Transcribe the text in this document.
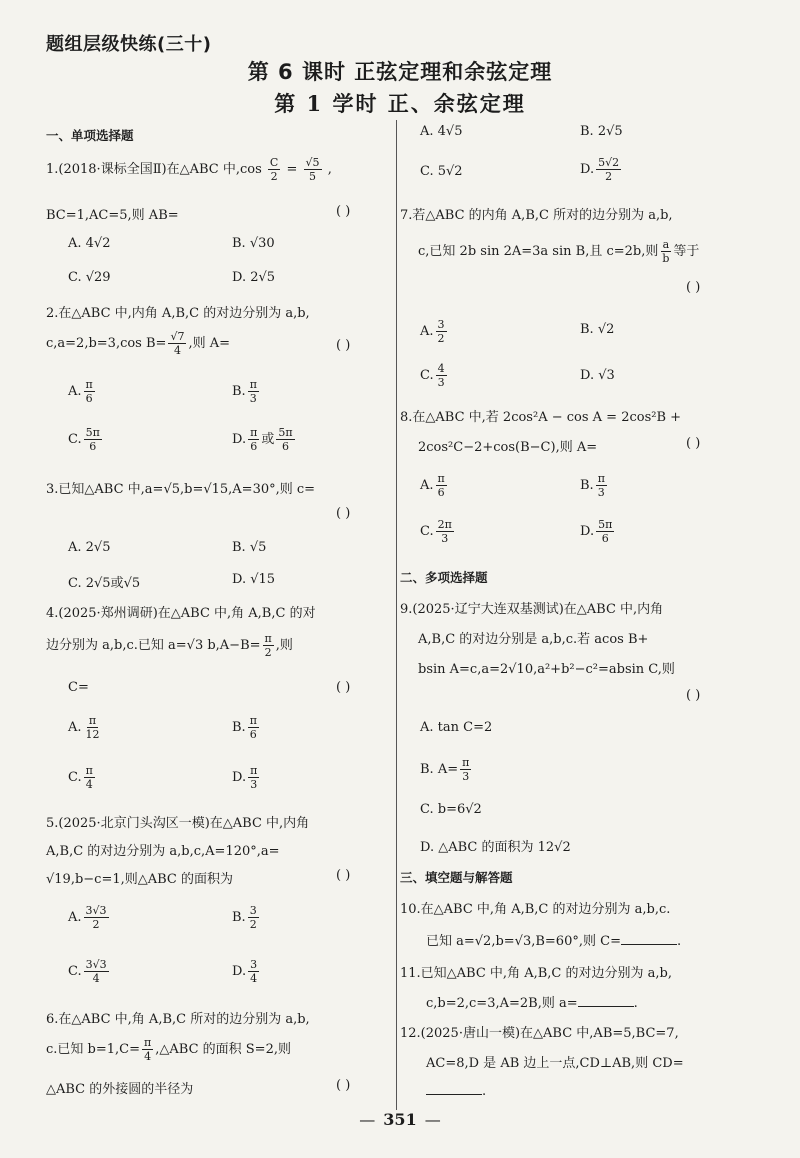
题组层级快练(三十)
第 6 课时 正弦定理和余弦定理
第 1 学时 正、余弦定理
一、单项选择题
1.(2018·课标全国Ⅱ)在△ABC 中$,\cos \frac{C}{2} = \frac{√5}{5}$ ,
BC=1,AC=5,则 AB=	( )
A. 4√2	B. √30
C. √29	D. 2√5
2.在△ABC 中,内角 A,B,C 的对边分别为 a,b,
c,a=2,b=3,cos $B= \frac{√7}{4}$ ,则 A=	( )
A. $\frac{\pi}{6}$	B. $\frac{\pi}{3}$
C. $\frac{5\pi}{6}$	D. $\frac{\pi}{6}$ 或 $\frac{5\pi}{6}$
3.已知△ABC 中,a=√5,b=√15,A=30°,则 c=
( )
A. 2√5	B. √5
C. 2√5或√5	D. √15
4.(2025·郑州调研)在△ABC 中,角 A,B,C 的对
边分别为 a,b,c.已知 a=√3 $b,A-B= \frac{\pi}{2}$ ,则
C=	( )
A. $\frac{\pi}{12}$	B. $\frac{\pi}{6}$
C. $\frac{\pi}{4}$	D. $\frac{\pi}{3}$
5.(2025·北京门头沟区一模)在△ABC 中,内角
A,B,C 的对边分别为 a,b,c,A=120°,a=
√19,b−c=1,则△ABC 的面积为	( )
A. $\frac{3√3}{2}$	B. $\frac{3}{2}$
C. $\frac{3√3}{4}$	D. $\frac{3}{4}$
6.在△ABC 中,角 A,B,C 所对的边分别为 a,b,
c.已知 $b=1,C= \frac{\pi}{4}$ ,△ABC 的面积 S=2,则
△ABC 的外接圆的半径为	( )
A. 4√5	B. 2√5
C. 5√2	D. $\frac{5√2}{2}$
7.若△ABC 的内角 A,B,C 所对的边分别为 a,b,
c,已知 2b sin 2A=3a sin B,且 c=2b,则 $\frac{a}{b}$ 等于
( )
A. $\frac{3}{2}$	B. √2
C. $\frac{4}{3}$	D. √3
8.在△ABC 中,若 2cos²A − cos A = 2cos²B +
2cos²C−2+cos(B−C),则 A=	( )
A. $\frac{\pi}{6}$	B. $\frac{\pi}{3}$
C. $\frac{2\pi}{3}$	D. $\frac{5\pi}{6}$
二、多项选择题
9.(2025·辽宁大连双基测试)在△ABC 中,内角
A,B,C 的对边分别是 a,b,c.若 acos B+
bsin A=c,a=2√10,a²+b²−c²=absin C,则
( )
A. tan C=2
B. $A= \frac{\pi}{3}$
C. b=6√2
D. △ABC 的面积为 12√2
三、填空题与解答题
10.在△ABC 中,角 A,B,C 的对边分别为 a,b,c.
已知 a=√2,b=√3,B=60°,则 C=	.
11.已知△ABC 中,角 A,B,C 的对边分别为 a,b,
c,b=2,c=3,A=2B,则 a=	.
12.(2025·唐山一模)在△ABC 中,AB=5,BC=7,
AC=8,D 是 AB 边上一点,CD⊥AB,则 CD=
.
— 351 —
